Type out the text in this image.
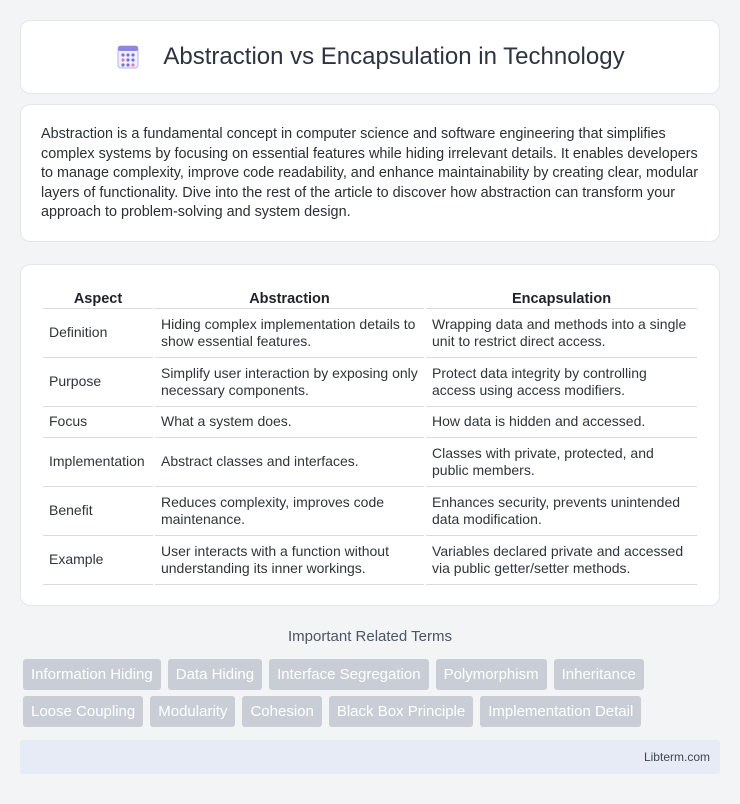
Abstraction vs Encapsulation in Technology

Abstraction is a fundamental concept in computer science and software engineering that simplifies complex systems by focusing on essential features while hiding irrelevant details. It enables developers to manage complexity, improve code readability, and enhance maintainability by creating clear, modular layers of functionality. Dive into the rest of the article to discover how abstraction can transform your approach to problem-solving and system design.

Aspect	Abstraction	Encapsulation
Definition	Hiding complex implementation details to show essential features.	Wrapping data and methods into a single unit to restrict direct access.
Purpose	Simplify user interaction by exposing only necessary components.	Protect data integrity by controlling access using access modifiers.
Focus	What a system does.	How data is hidden and accessed.
Implementation	Abstract classes and interfaces.	Classes with private, protected, and public members.
Benefit	Reduces complexity, improves code maintenance.	Enhances security, prevents unintended data modification.
Example	User interacts with a function without understanding its inner workings.	Variables declared private and accessed via public getter/setter methods.
Important Related Terms
Information Hiding	Data Hiding	Interface Segregation	Polymorphism	Inheritance
Loose Coupling	Modularity	Cohesion	Black Box Principle	Implementation Detail
Libterm.com
